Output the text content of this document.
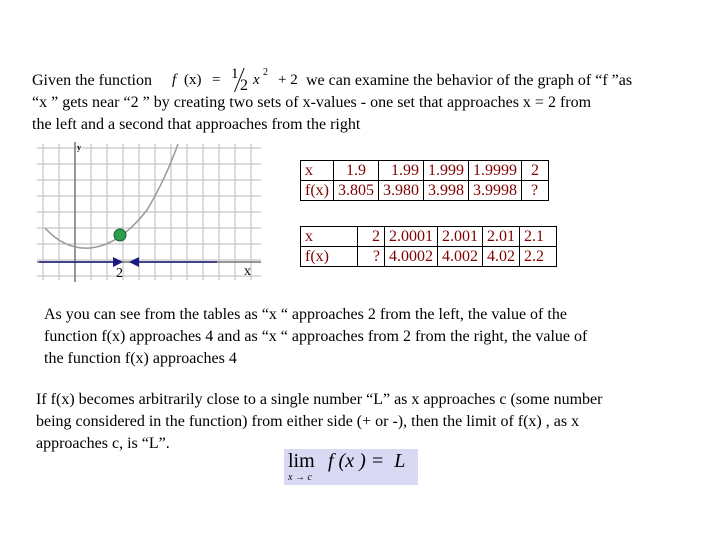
Given the function f (x) = 1
2 x 2 + 2 we can examine the behavior of the graph of “f ”as
“x ” gets near “2 ” by creating two sets of x-values - one set that approaches x = 2 from
the left and a second that approaches from the right
y
x
2
x	1.9	1.99	1.999	1.9999	2
f(x)	3.805	3.980	3.998	3.9998	?
x	2	2.0001	2.001	2.01	2.1
f(x)	?	4.0002	4.002	4.02	2.2
As you can see from the tables as “x “ approaches 2 from the left, the value of the
function f(x) approaches 4 and as “x “ approaches from 2 from the right, the value of
the function f(x) approaches 4
If f(x) becomes arbitrarily close to a single number “L” as x approaches c (some number
being considered in the function) from either side (+ or -), then the limit of f(x) , as x
approaches c, is “L”.
lim f (x ) =  L
x → c
